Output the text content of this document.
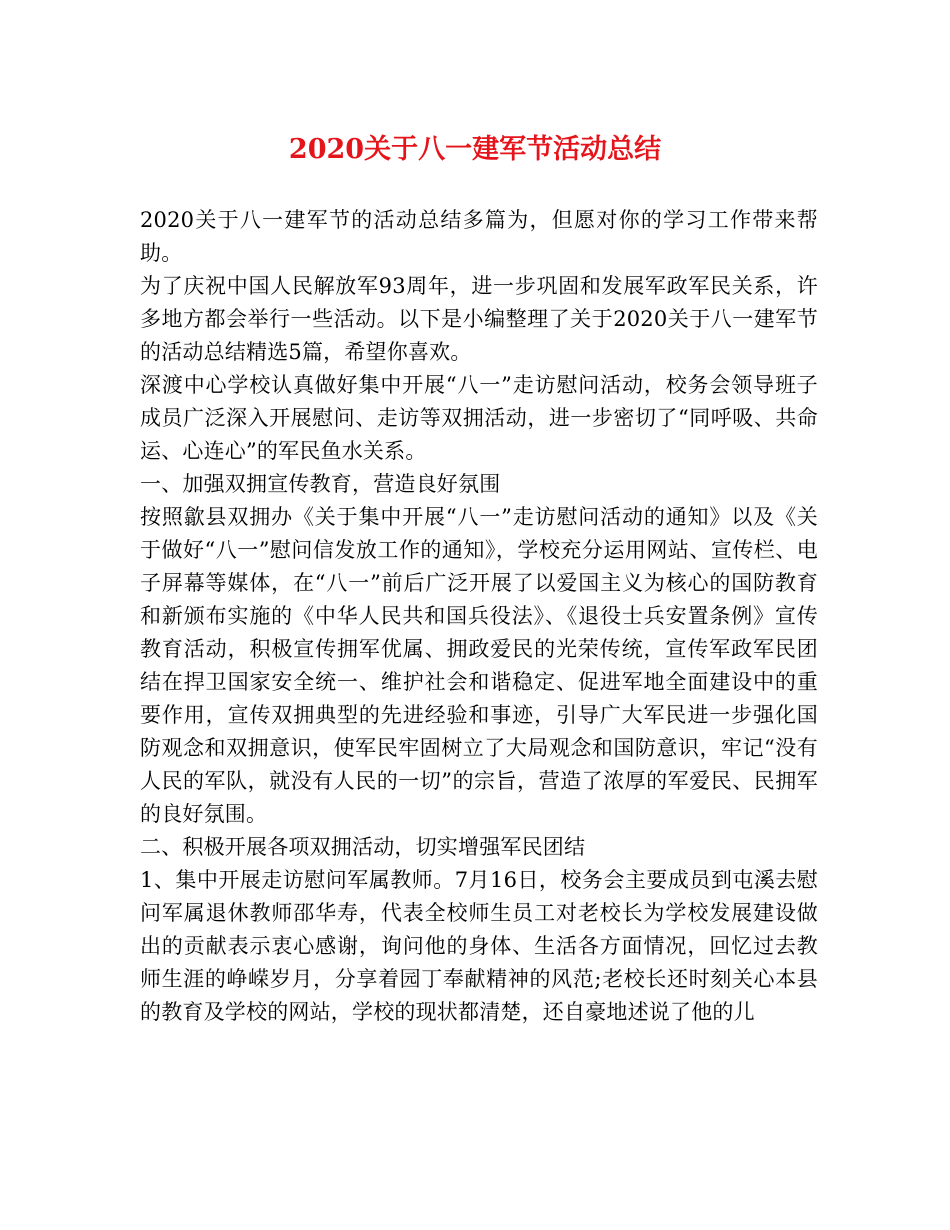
2020关于八一建军节活动总结

2020关于八一建军节的活动总结多篇为，但愿对你的学习工作带来帮助。

为了庆祝中国人民解放军93周年，进一步巩固和发展军政军民关系，许多地方都会举行一些活动。以下是小编整理了关于2020关于八一建军节的活动总结精选5篇，希望你喜欢。

深渡中心学校认真做好集中开展“八一”走访慰问活动，校务会领导班子成员广泛深入开展慰问、走访等双拥活动，进一步密切了“同呼吸、共命运、心连心”的军民鱼水关系。

一、加强双拥宣传教育，营造良好氛围

按照歙县双拥办《关于集中开展“八一”走访慰问活动的通知》以及《关于做好“八一”慰问信发放工作的通知》，学校充分运用网站、宣传栏、电子屏幕等媒体，在“八一”前后广泛开展了以爱国主义为核心的国防教育和新颁布实施的《中华人民共和国兵役法》、《退役士兵安置条例》宣传教育活动，积极宣传拥军优属、拥政爱民的光荣传统，宣传军政军民团结在捍卫国家安全统一、维护社会和谐稳定、促进军地全面建设中的重要作用，宣传双拥典型的先进经验和事迹，引导广大军民进一步强化国防观念和双拥意识，使军民牢固树立了大局观念和国防意识，牢记“没有人民的军队，就没有人民的一切”的宗旨，营造了浓厚的军爱民、民拥军的良好氛围。

二、积极开展各项双拥活动，切实增强军民团结

1、集中开展走访慰问军属教师。7月16日，校务会主要成员到屯溪去慰问军属退休教师邵华寿，代表全校师生员工对老校长为学校发展建设做出的贡献表示衷心感谢，询问他的身体、生活各方面情况，回忆过去教师生涯的峥嵘岁月，分享着园丁奉献精神的风范;老校长还时刻关心本县的教育及学校的网站，学校的现状都清楚，还自豪地述说了他的儿
